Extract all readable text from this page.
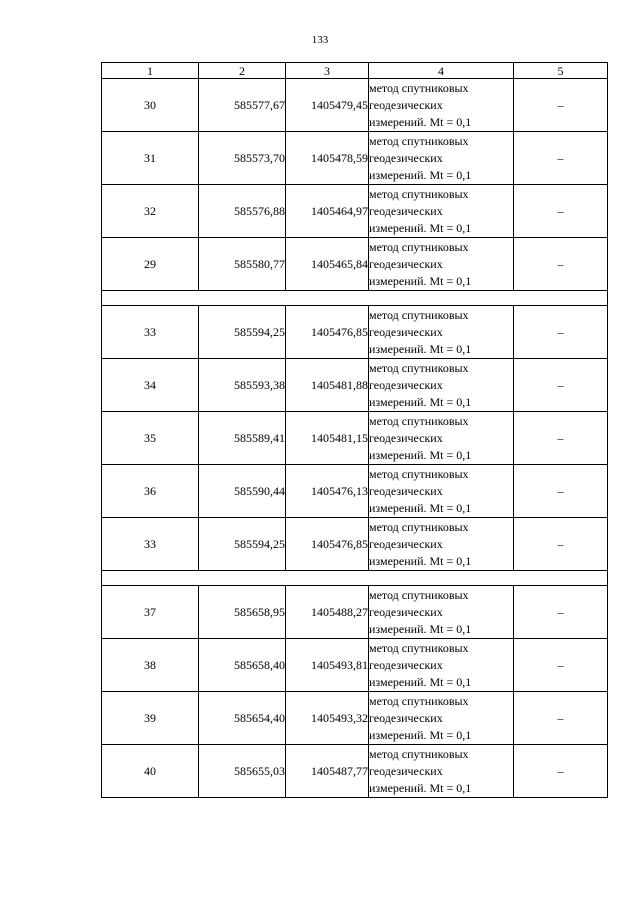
133
1	2	3	4	5
30	585577,67	1405479,45	метод спутниковых
геодезических
измерений. Mt = 0,1	–
31	585573,70	1405478,59	метод спутниковых
геодезических
измерений. Mt = 0,1	–
32	585576,88	1405464,97	метод спутниковых
геодезических
измерений. Mt = 0,1	–
29	585580,77	1405465,84	метод спутниковых
геодезических
измерений. Mt = 0,1	–

33	585594,25	1405476,85	метод спутниковых
геодезических
измерений. Mt = 0,1	–
34	585593,38	1405481,88	метод спутниковых
геодезических
измерений. Mt = 0,1	–
35	585589,41	1405481,15	метод спутниковых
геодезических
измерений. Mt = 0,1	–
36	585590,44	1405476,13	метод спутниковых
геодезических
измерений. Mt = 0,1	–
33	585594,25	1405476,85	метод спутниковых
геодезических
измерений. Mt = 0,1	–

37	585658,95	1405488,27	метод спутниковых
геодезических
измерений. Mt = 0,1	–
38	585658,40	1405493,81	метод спутниковых
геодезических
измерений. Mt = 0,1	–
39	585654,40	1405493,32	метод спутниковых
геодезических
измерений. Mt = 0,1	–
40	585655,03	1405487,77	метод спутниковых
геодезических
измерений. Mt = 0,1	–
